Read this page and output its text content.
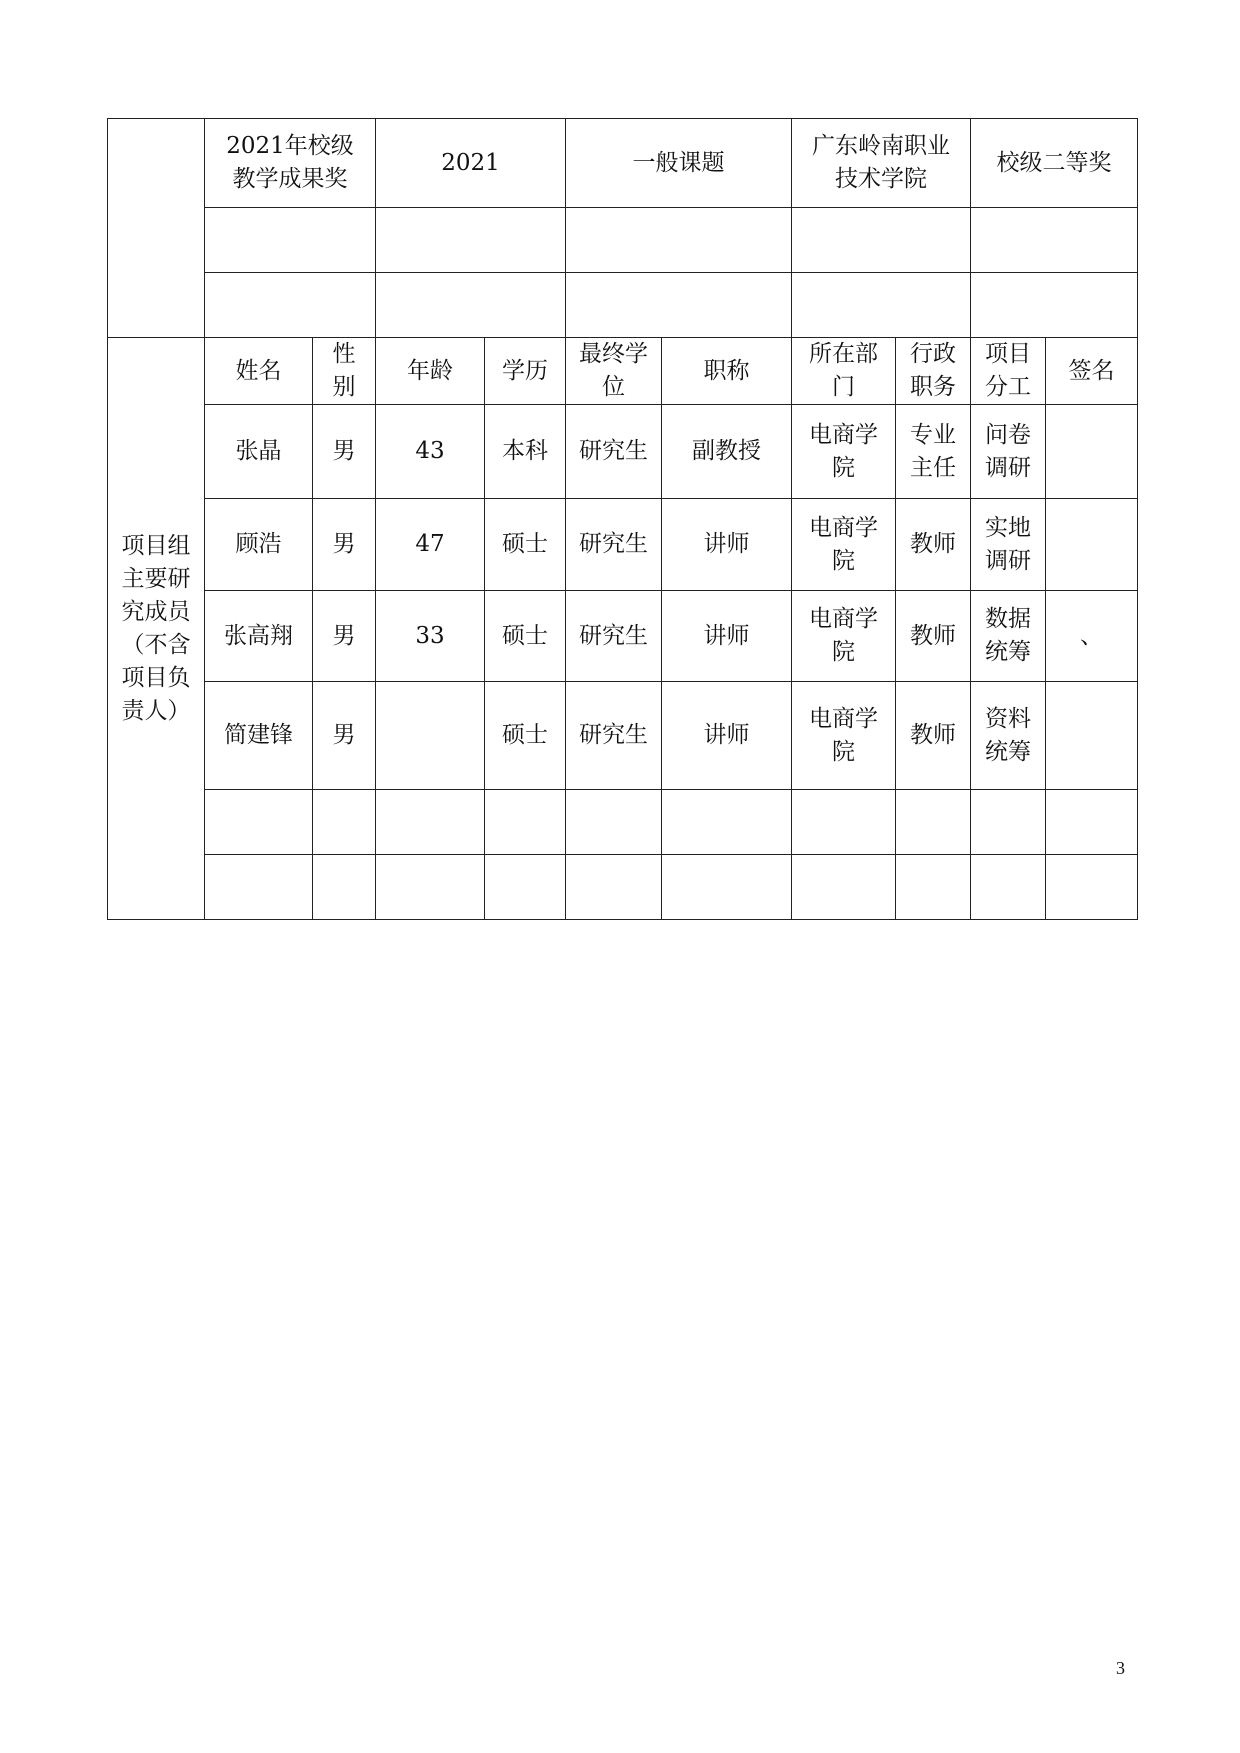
	2021年校级教学成果奖		2021		一般课题		广东岭南职业技术学院		校级二等奖	

项目组主要研究成员（不含项目负责人）	姓名	性别	年龄	学历	最终学位	职称	所在部门	行政职务	项目分工	签名
	张晶	男	43	本科	研究生	副教授	电商学院	专业主任	问卷调研	
	顾浩	男	47	硕士	研究生	讲师	电商学院	教师	实地调研	
	张高翔	男	33	硕士	研究生	讲师	电商学院	教师	数据统筹	、
	简建锋	男		硕士	研究生	讲师	电商学院	教师	资料统筹	

3
